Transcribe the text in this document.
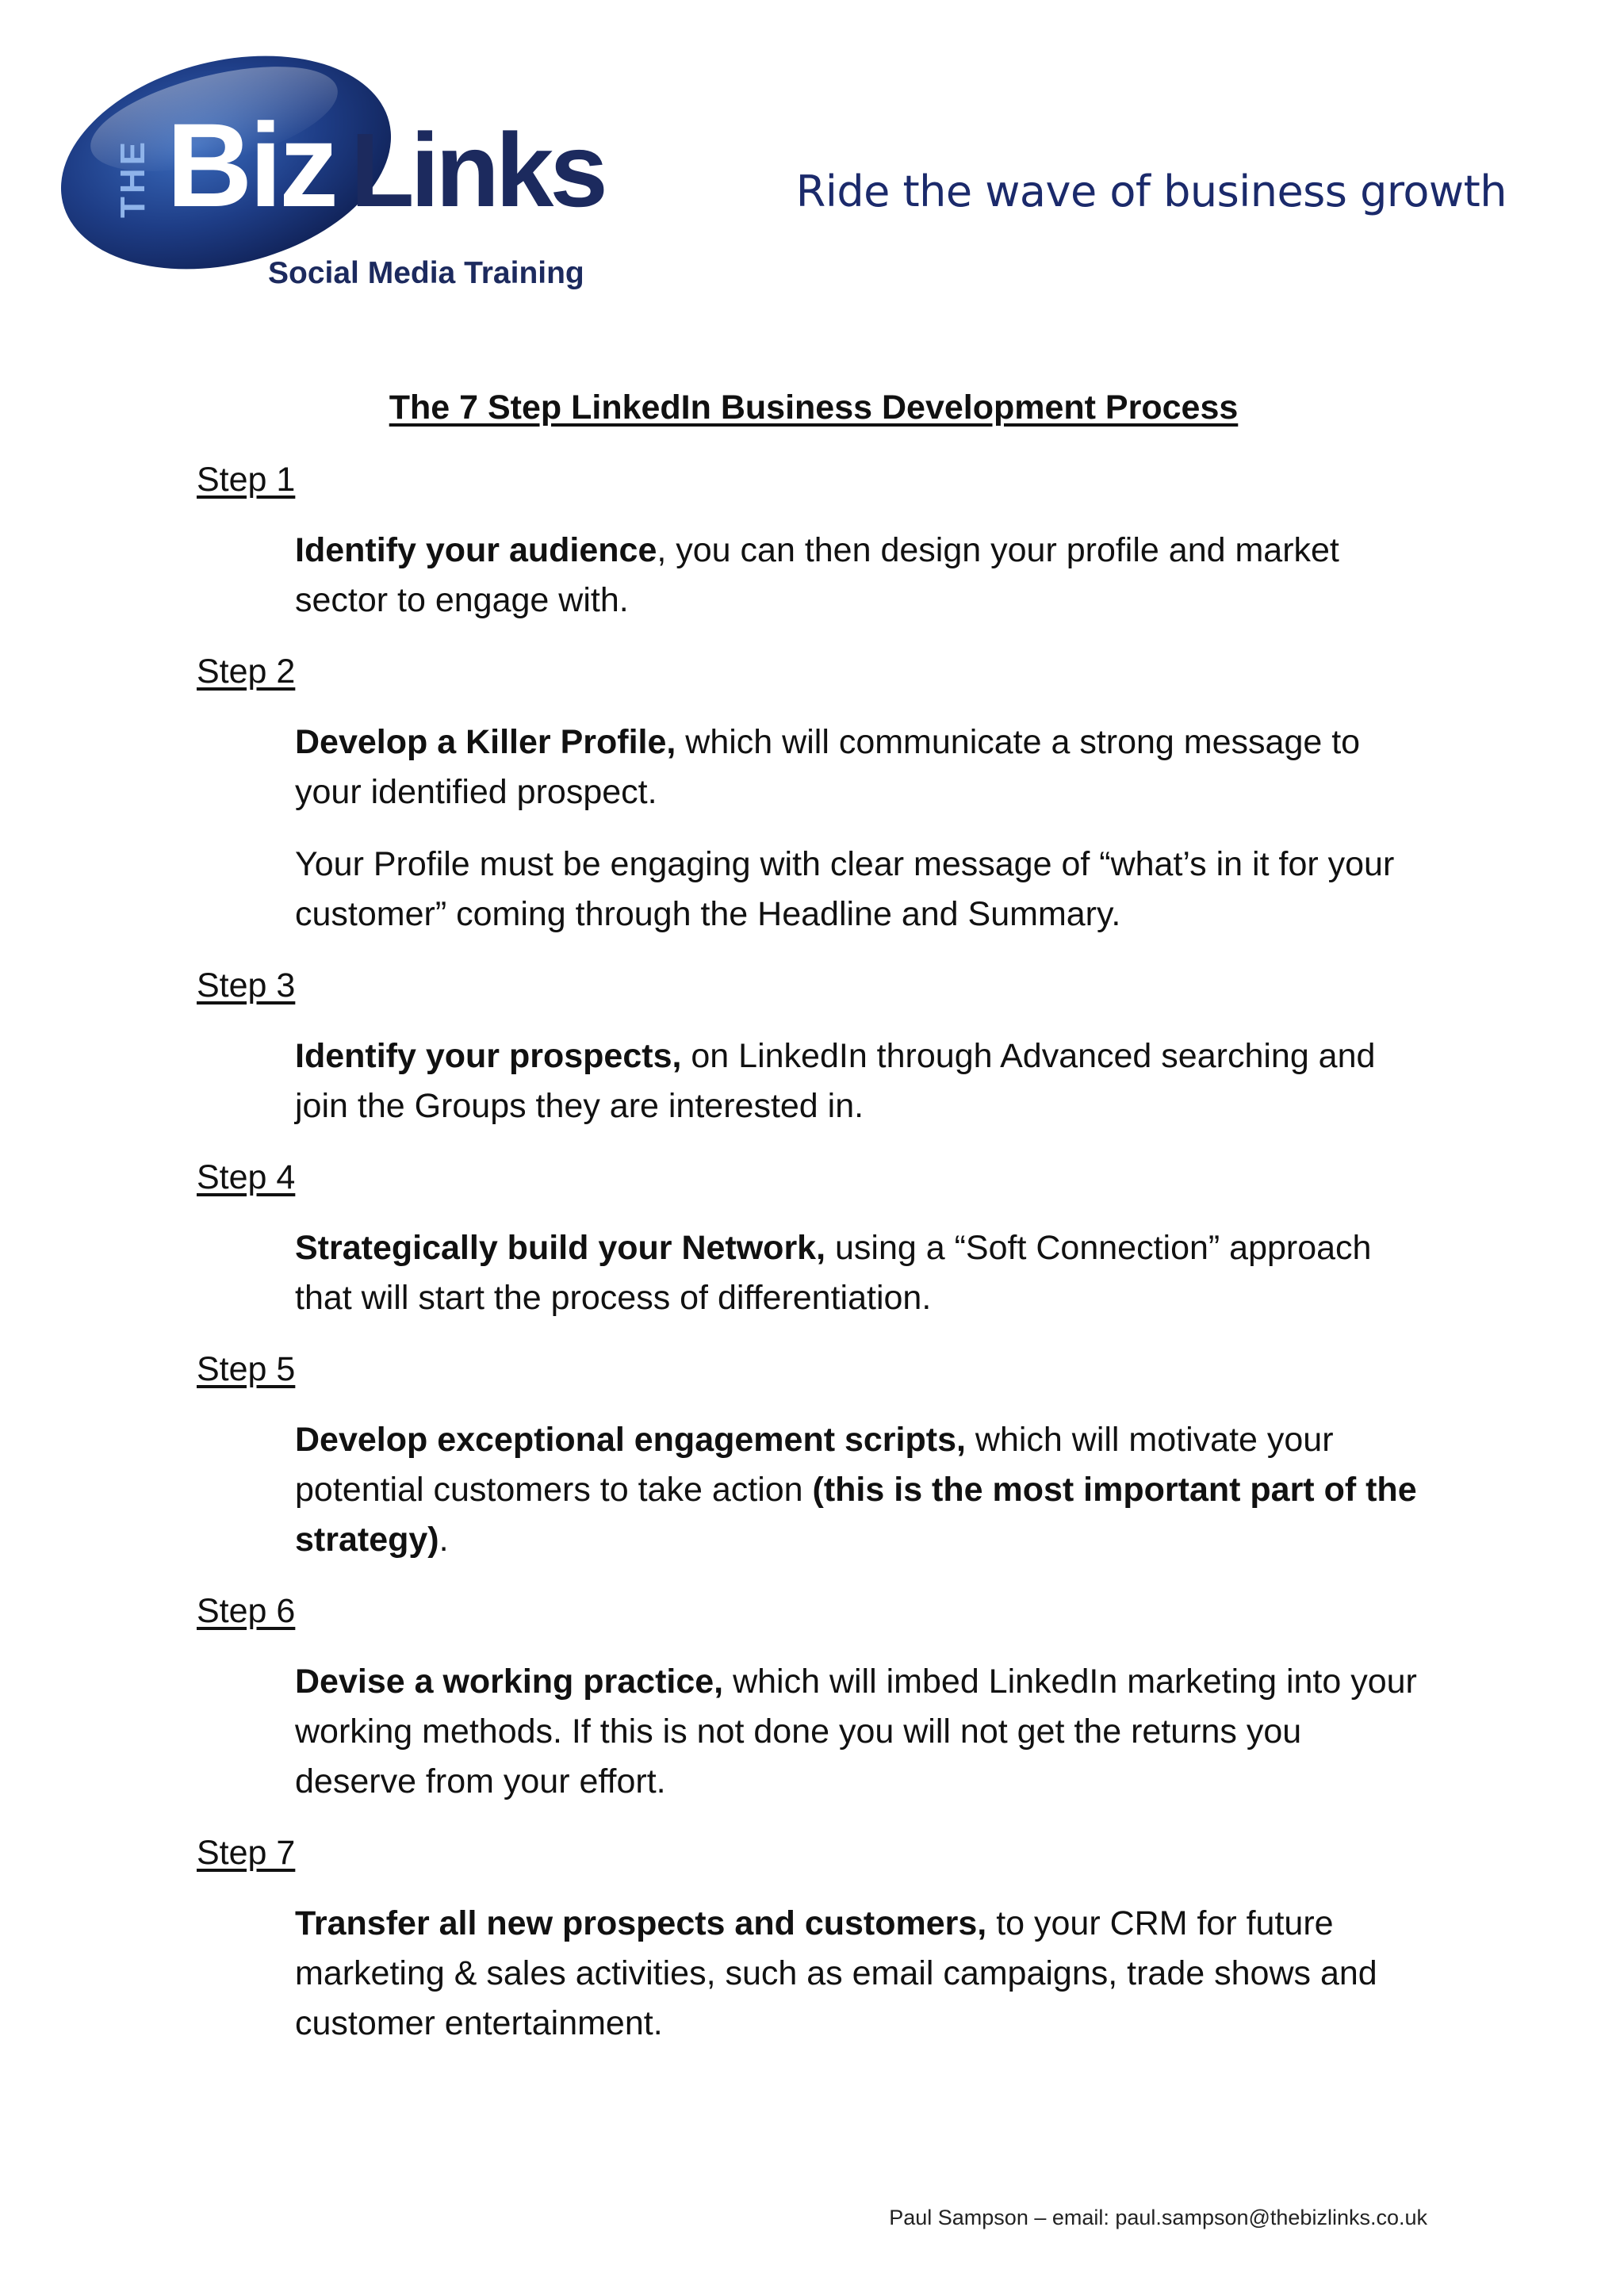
THE Biz Links
Social Media Training
Ride the wave of business growth
The 7 Step LinkedIn Business Development Process
Step 1

Identify your audience, you can then design your profile and market sector to engage with.

Step 2

Develop a Killer Profile, which will communicate a strong message to your identified prospect.

Your Profile must be engaging with clear message of “what’s in it for your customer” coming through the Headline and Summary.

Step 3

Identify your prospects, on LinkedIn through Advanced searching and join the Groups they are interested in.

Step 4

Strategically build your Network, using a “Soft Connection” approach that will start the process of differentiation.

Step 5

Develop exceptional engagement scripts, which will motivate your potential customers to take action (this is the most important part of the strategy).

Step 6

Devise a working practice, which will imbed LinkedIn marketing into your working methods. If this is not done you will not get the returns you deserve from your effort.

Step 7

Transfer all new prospects and customers, to your CRM for future marketing & sales activities, such as email campaigns, trade shows and customer entertainment.

Paul Sampson – email: paul.sampson@thebizlinks.co.uk
